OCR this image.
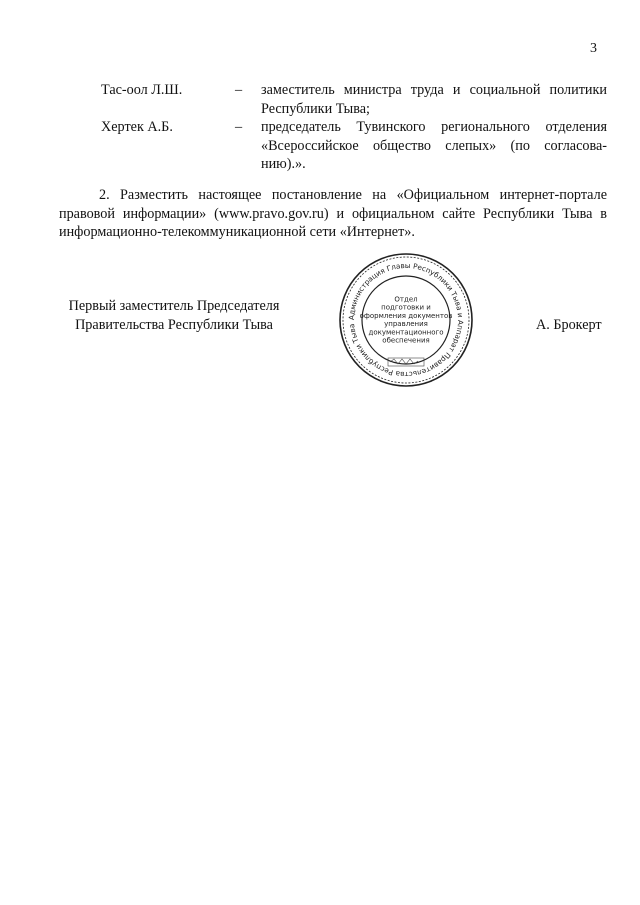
3
Тас-оол Л.Ш.	–	заместитель министра труда и социальной политики Республики Тыва;
Хертек А.Б.	–	председатель Тувинского регионального отделения «Всероссийское общество слепых» (по согласова-нию).».

2. Разместить настоящее постановление на «Официальном интернет-портале правовой информации» (www.pravo.gov.ru) и официальном сайте Республики Тыва в информационно-телекоммуникационной сети «Интернет».

Первый заместитель Председателя
Правительства Республики Тыва	Администрация Главы Республики Тыва и Аппарат Правительства Республики Тыва
Отдел
подготовки и
оформления документов
управления
документационного
обеспечения
А. Брокерт
